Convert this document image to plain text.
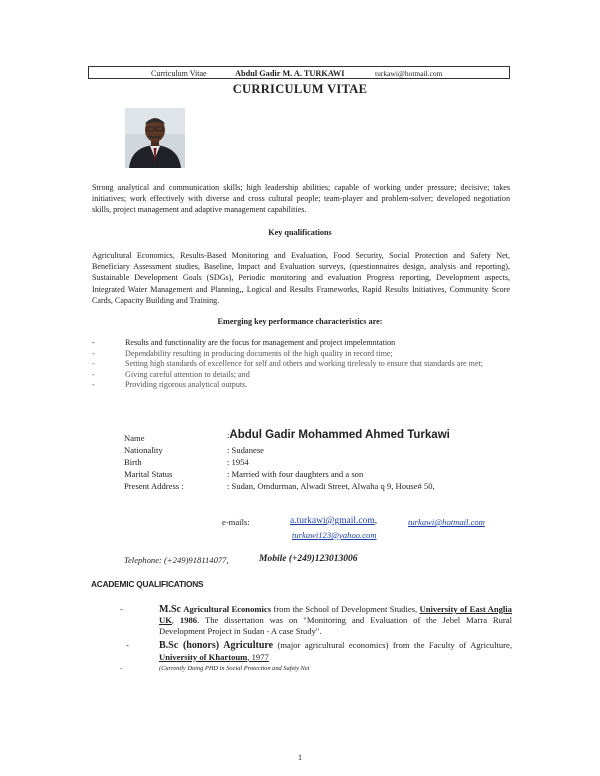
Curriculum Vitae	Abdul Gadir M. A. TURKAWI	turkawi@hotmail.com
CURRICULUM VITAE
Strong analytical and communication skills; high leadership abilities; capable of working under pressure; decisive; takes initiatives; work effectively with diverse and cross cultural people; team-player and problem-solver; developed negotiation skills, project management and adaptive management capabilities.
Key qualifications
Agricultural Economics, Results-Based Monitoring and Evaluation, Food Security, Social Protection and Safety Net, Beneficiary Assessment studies, Baseline, Impact and Evaluation surveys, (questionnaires design, analysis and reporting), Sustainable Development Goals (SDGs), Periodic monitoring and evaluation Progress reporting, Development aspects, Integrated Water Management and Planning,, Logical and Results Frameworks, Rapid Results Initiatives, Community Score Cards, Capacity Building and Training.
Emerging key performance characteristics are:
-	Results and functionality are the focus for management and project impelemntation
-	Dependability resulting in producing documents of the high quality in record time;
-	Setting high standards of excellence for self and others and working tirelessly to ensure that standards are met;
-	Giving careful attention to details; and
-	Providing rigorous analytical outputs.
Name	:Abdul Gadir Mohammed Ahmed Turkawi
Nationality	: Sudanese
Birth	: 1954
Marital Status	: Married with four daughters and a son
Present Address :	: Sudan, Omdurman, Alwadi Street, Alwaha q 9, House# 50,
e-mails:	a.turkawi@gmail.com,	turkawi@hotmail.com
turkawi123@yahoo.com
Telephone: (+249)918114077,	Mobile (+249)123013006
ACADEMIC QUALIFICATIONS
-	M.Sc Agricultural Economics from the School of Development Studies, University of East Anglia UK, 1986. The dissertation was on "Monitoring and Evaluation of the Jebel Marra Rural Development Project in Sudan - A case Study".
-	B.Sc (honors) Agriculture (major agricultural economics) from the Faculty of Agriculture, University of Khartoum, 1977
-	(Currently Doing PHD in Social Protection and Safety Net
1
